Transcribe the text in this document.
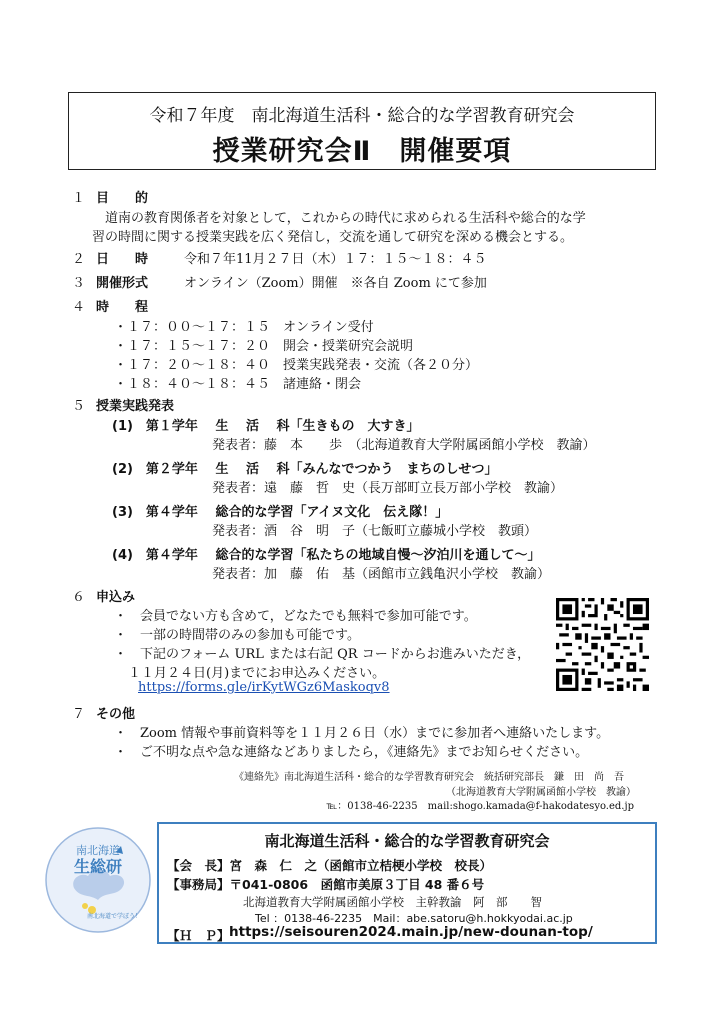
令和７年度　南北海道生活科・総合的な学習教育研究会
授業研究会Ⅱ　開催要項
１ 目　　的
道南の教育関係者を対象として，これからの時代に求められる生活科や総合的な学
習の時間に関する授業実践を広く発信し，交流を通して研究を深める機会とする。
２ 日　　時	令和７年11月２７日（木）１７：１５～１８：４５
３ 開催形式	オンライン（Zoom）開催　※各自 Zoom にて参加
４ 時　　程
・１７：００～１７：１５　オンライン受付
・１７：１５～１７：２０　開会・授業研究会説明
・１７：２０～１８：４０　授業実践発表・交流（各２０分）
・１８：４０～１８：４５　諸連絡・閉会
５ 授業実践発表
(1)　第１学年　 生　 活　 科「生きもの　大すき」
発表者：藤　本　　歩　（北海道教育大学附属函館小学校　教諭）
(2)　第２学年　 生　 活　 科「みんなでつかう　まちのしせつ」
発表者：遠　藤　哲　史（長万部町立長万部小学校　教諭）
(3)　第４学年　 総合的な学習「アイヌ文化　伝え隊！」
発表者：酒　谷　明　子（七飯町立藤城小学校　教頭）
(4)　第４学年　 総合的な学習「私たちの地域自慢～汐泊川を通して～」
発表者：加　藤　佑　基（函館市立銭亀沢小学校　教諭）
６ 申込み
・　会員でない方も含めて，どなたでも無料で参加可能です。
・　一部の時間帯のみの参加も可能です。
・　下記のフォーム URL または右記 QR コードからお進みいただき，
１１月２４日(月)までにお申込みください。
https://forms.gle/irKytWGz6Maskoqv8
７ その他
・　Zoom 情報や事前資料等を１１月２６日（水）までに参加者へ連絡いたします。
・　ご不明な点や急な連絡などありましたら，《連絡先》までお知らせください。
《連絡先》南北海道生活科・総合的な学習教育研究会　統括研究部長　鎌　田　尚　吾
（北海道教育大学附属函館小学校　教諭）
℡：0138-46-2235　mail:shogo.kamada@f-hakodatesyo.ed.jp
南北海道
生総研
南北海道で学ぼう！
南北海道生活科・総合的な学習教育研究会
【会　長】宮　森　仁　之（函館市立桔梗小学校　校長）
【事務局】〒041-0806　函館市美原３丁目 48 番６号
北海道教育大学附属函館小学校　主幹教諭　阿　部　　智
Tel ：0138-46-2235　Mail：abe.satoru@h.hokkyodai.ac.jp
【Ｈ　Ｐ】 https://seisouren2024.main.jp/new-dounan-top/
